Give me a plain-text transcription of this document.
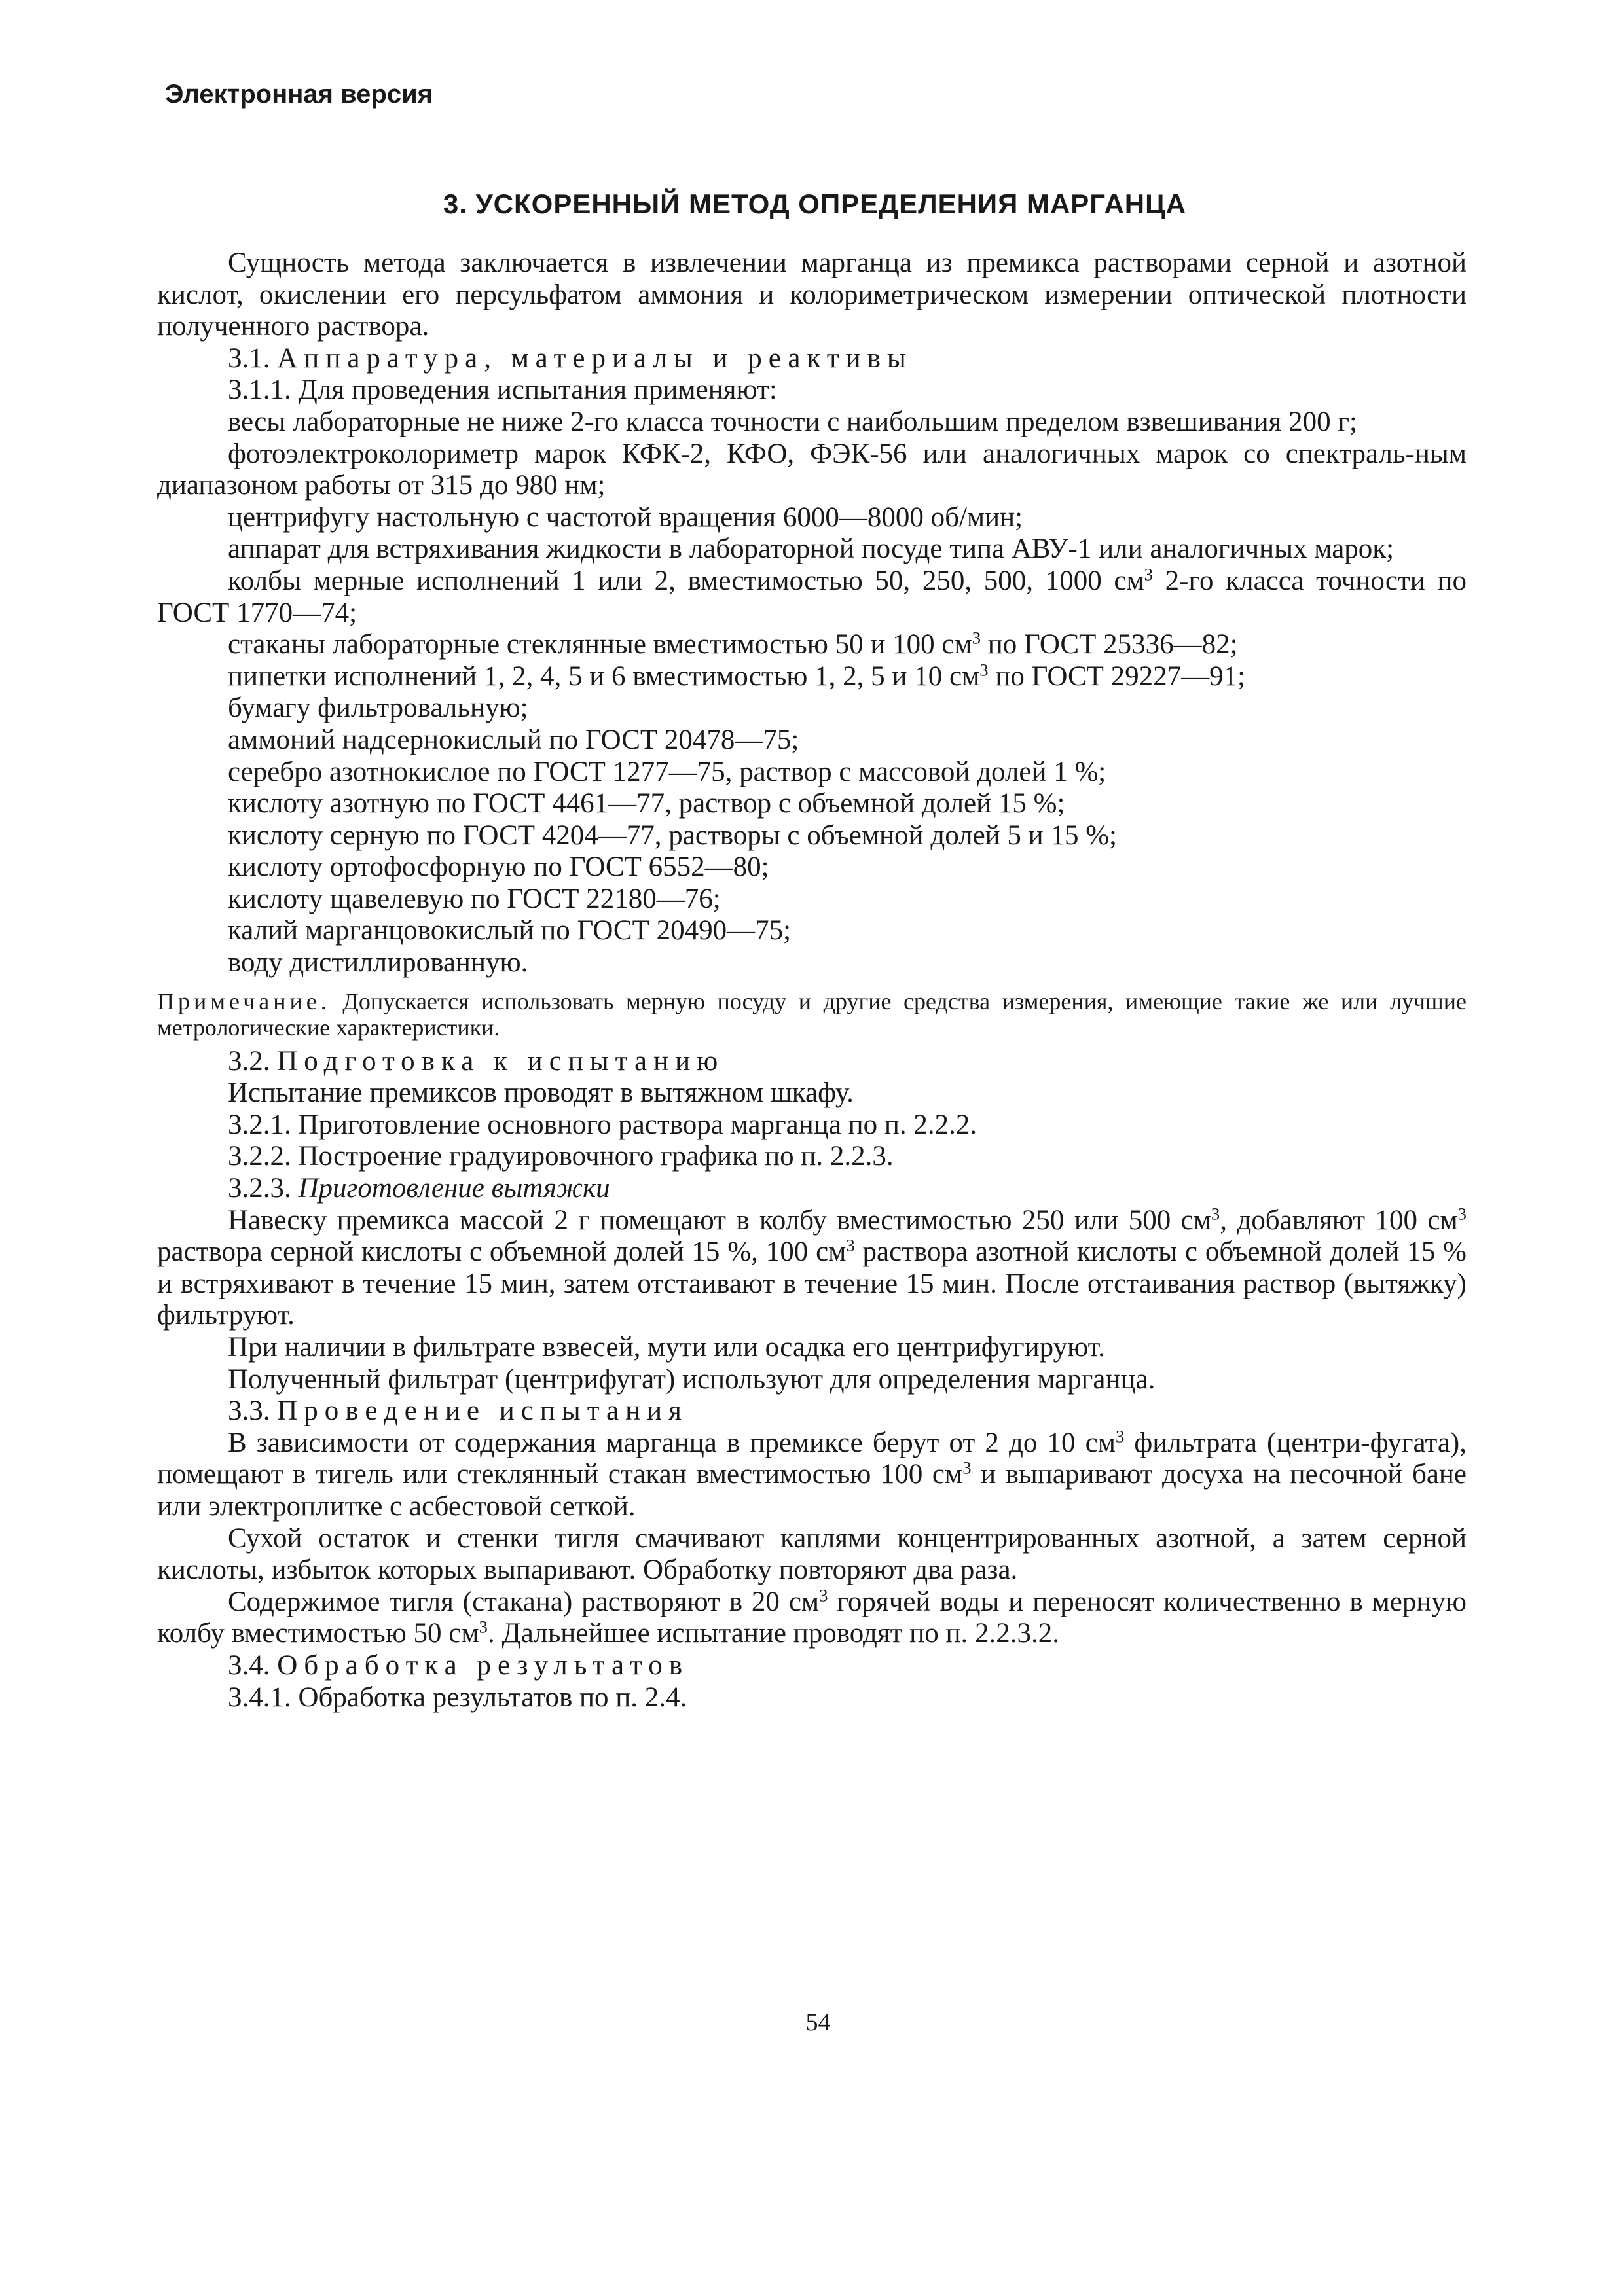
Электронная версия
3. УСКОРЕННЫЙ МЕТОД ОПРЕДЕЛЕНИЯ МАРГАНЦА

Сущность метода заключается в извлечении марганца из премикса растворами серной и азотной кислот, окислении его персульфатом аммония и колориметрическом измерении оптической плотности полученного раствора.

3.1. Аппаратура, материалы и реактивы

3.1.1. Для проведения испытания применяют:

весы лабораторные не ниже 2-го класса точности с наибольшим пределом взвешивания 200 г;

фотоэлектроколориметр марок КФК-2, КФО, ФЭК-56 или аналогичных марок со спектраль-ным диапазоном работы от 315 до 980 нм;

центрифугу настольную с частотой вращения 6000—8000 об/мин;

аппарат для встряхивания жидкости в лабораторной посуде типа АВУ-1 или аналогичных марок;

колбы мерные исполнений 1 или 2, вместимостью 50, 250, 500, 1000 $см^3$ 2-го класса точности по ГОСТ 1770—74;

стаканы лабораторные стеклянные вместимостью 50 и 100 $см^3$ по ГОСТ 25336—82;

пипетки исполнений 1, 2, 4, 5 и 6 вместимостью 1, 2, 5 и 10 $см^3$ по ГОСТ 29227—91;

бумагу фильтровальную;

аммоний надсернокислый по ГОСТ 20478—75;

серебро азотнокислое по ГОСТ 1277—75, раствор с массовой долей 1 %;

кислоту азотную по ГОСТ 4461—77, раствор с объемной долей 15 %;

кислоту серную по ГОСТ 4204—77, растворы с объемной долей 5 и 15 %;

кислоту ортофосфорную по ГОСТ 6552—80;

кислоту щавелевую по ГОСТ 22180—76;

калий марганцовокислый по ГОСТ 20490—75;

воду дистиллированную.

Примечание. Допускается использовать мерную посуду и другие средства измерения, имеющие такие же или лучшие метрологические характеристики.

3.2. Подготовка к испытанию

Испытание премиксов проводят в вытяжном шкафу.

3.2.1. Приготовление основного раствора марганца по п. 2.2.2.

3.2.2. Построение градуировочного графика по п. 2.2.3.

3.2.3. Приготовление вытяжки

Навеску премикса массой 2 г помещают в колбу вместимостью 250 или 500 $см^3$, добавляют 100 $см^3$ раствора серной кислоты с объемной долей 15 %, 100 $см^3$ раствора азотной кислоты с объемной долей 15 % и встряхивают в течение 15 мин, затем отстаивают в течение 15 мин. После отстаивания раствор (вытяжку) фильтруют.

При наличии в фильтрате взвесей, мути или осадка его центрифугируют.

Полученный фильтрат (центрифугат) используют для определения марганца.

3.3. Проведение испытания

В зависимости от содержания марганца в премиксе берут от 2 до 10 $см^3$ фильтрата (центри-фугата), помещают в тигель или стеклянный стакан вместимостью 100 $см^3$ и выпаривают досуха на песочной бане или электроплитке с асбестовой сеткой.

Сухой остаток и стенки тигля смачивают каплями концентрированных азотной, а затем серной кислоты, избыток которых выпаривают. Обработку повторяют два раза.

Содержимое тигля (стакана) растворяют в 20 $см^3$ горячей воды и переносят количественно в мерную колбу вместимостью 50 $см^3$. Дальнейшее испытание проводят по п. 2.2.3.2.

3.4. Обработка результатов

3.4.1. Обработка результатов по п. 2.4.

54
